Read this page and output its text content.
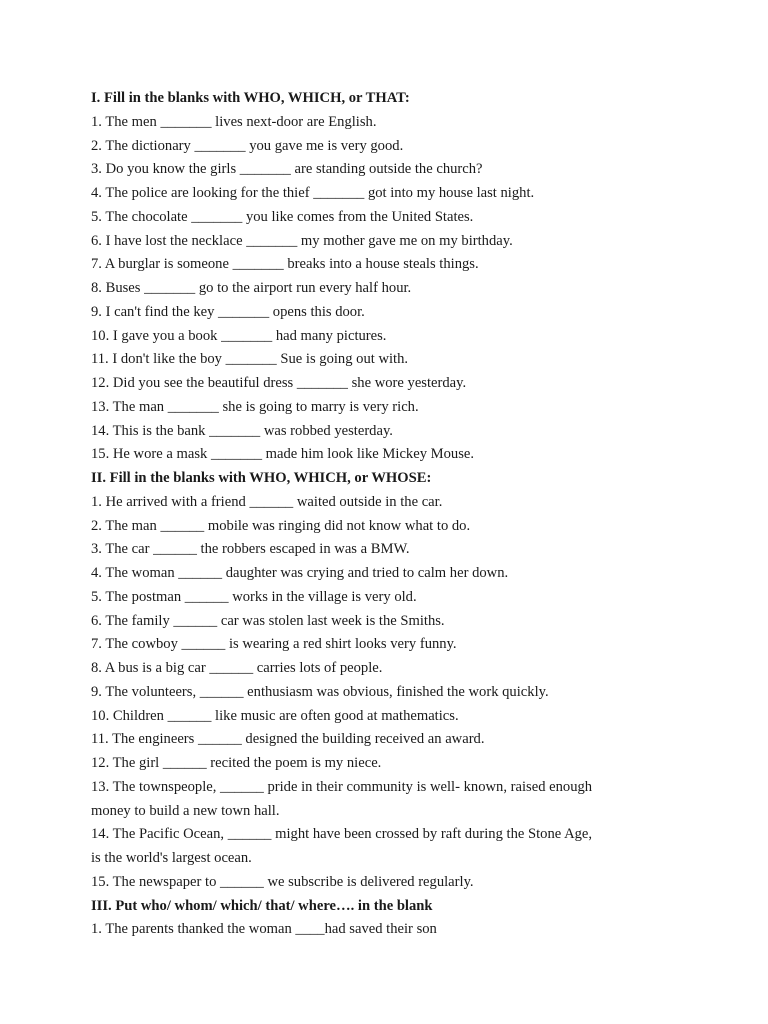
I. Fill in the blanks with WHO, WHICH, or THAT:
1. The men _______ lives next-door are English.
2. The dictionary _______ you gave me is very good.
3. Do you know the girls _______ are standing outside the church?
4. The police are looking for the thief _______ got into my house last night.
5. The chocolate _______ you like comes from the United States.
6. I have lost the necklace _______ my mother gave me on my birthday.
7. A burglar is someone _______ breaks into a house steals things.
8. Buses _______ go to the airport run every half hour.
9. I can't find the key _______ opens this door.
10. I gave you a book _______ had many pictures.
11. I don't like the boy _______ Sue is going out with.
12. Did you see the beautiful dress _______ she wore yesterday.
13. The man _______ she is going to marry is very rich.
14. This is the bank _______ was robbed yesterday.
15. He wore a mask _______ made him look like Mickey Mouse.
II. Fill in the blanks with WHO, WHICH, or WHOSE:
1. He arrived with a friend ______ waited outside in the car.
2. The man ______ mobile was ringing did not know what to do.
3. The car ______ the robbers escaped in was a BMW.
4. The woman ______ daughter was crying and tried to calm her down.
5. The postman ______ works in the village is very old.
6. The family ______ car was stolen last week is the Smiths.
7. The cowboy ______ is wearing a red shirt looks very funny.
8. A bus is a big car ______ carries lots of people.
9. The volunteers, ______ enthusiasm was obvious, finished the work quickly.
10. Children ______ like music are often good at mathematics.
11. The engineers ______ designed the building received an award.
12. The girl ______ recited the poem is my niece.
13. The townspeople, ______ pride in their community is well- known, raised enough
money to build a new town hall.
14. The Pacific Ocean, ______ might have been crossed by raft during the Stone Age,
is the world's largest ocean.
15. The newspaper to ______ we subscribe is delivered regularly.
III. Put who/ whom/ which/ that/ where…. in the blank
1. The parents thanked the woman ____had saved their son
